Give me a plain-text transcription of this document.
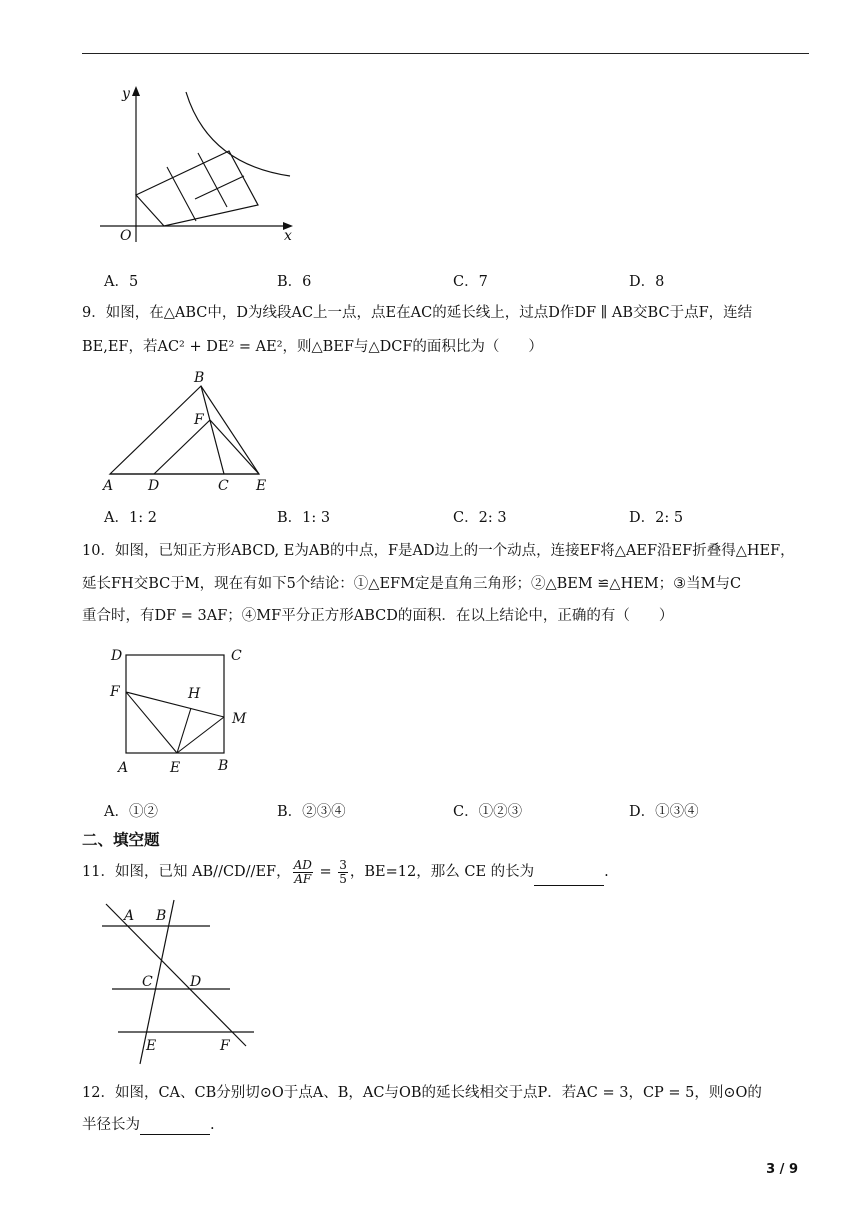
y
x
O
A．5	B．6	C．7	D．8
9．如图，在△ABC中，D为线段AC上一点，点E在AC的延长线上，过点D作DF ∥ AB交BC于点F，连结
BE,EF，若AC² + DE² = AE²，则△BEF与△DCF的面积比为（　　）
B
F
A D	C E
A．1: 2	B．1: 3	C．2: 3	D．2: 5
10．如图，已知正方形ABCD, E为AB的中点，F是AD边上的一个动点，连接EF将△AEF沿EF折叠得△HEF，
延长FH交BC于M，现在有如下5个结论：①△EFM定是直角三角形；②△BEM ≌△HEM；③当M与C
重合时，有DF = 3AF；④MF平分正方形ABCD的面积．在以上结论中，正确的有（　　）
D	C
F	H
M
A	E	B
A．①②	B．②③④	C．①②③	D．①③④
二、填空题
11．如图，已知 AB//CD//EF， $\frac{AD}{AF} = \frac{3}{5}$ ，BE=12，那么 CE 的长为	.
A B
C	D
E	F
12．如图，CA、CB分别切⊙O于点A、B，AC与OB的延长线相交于点P．若AC = 3，CP = 5，则⊙O的
半径长为	.
3 / 9
